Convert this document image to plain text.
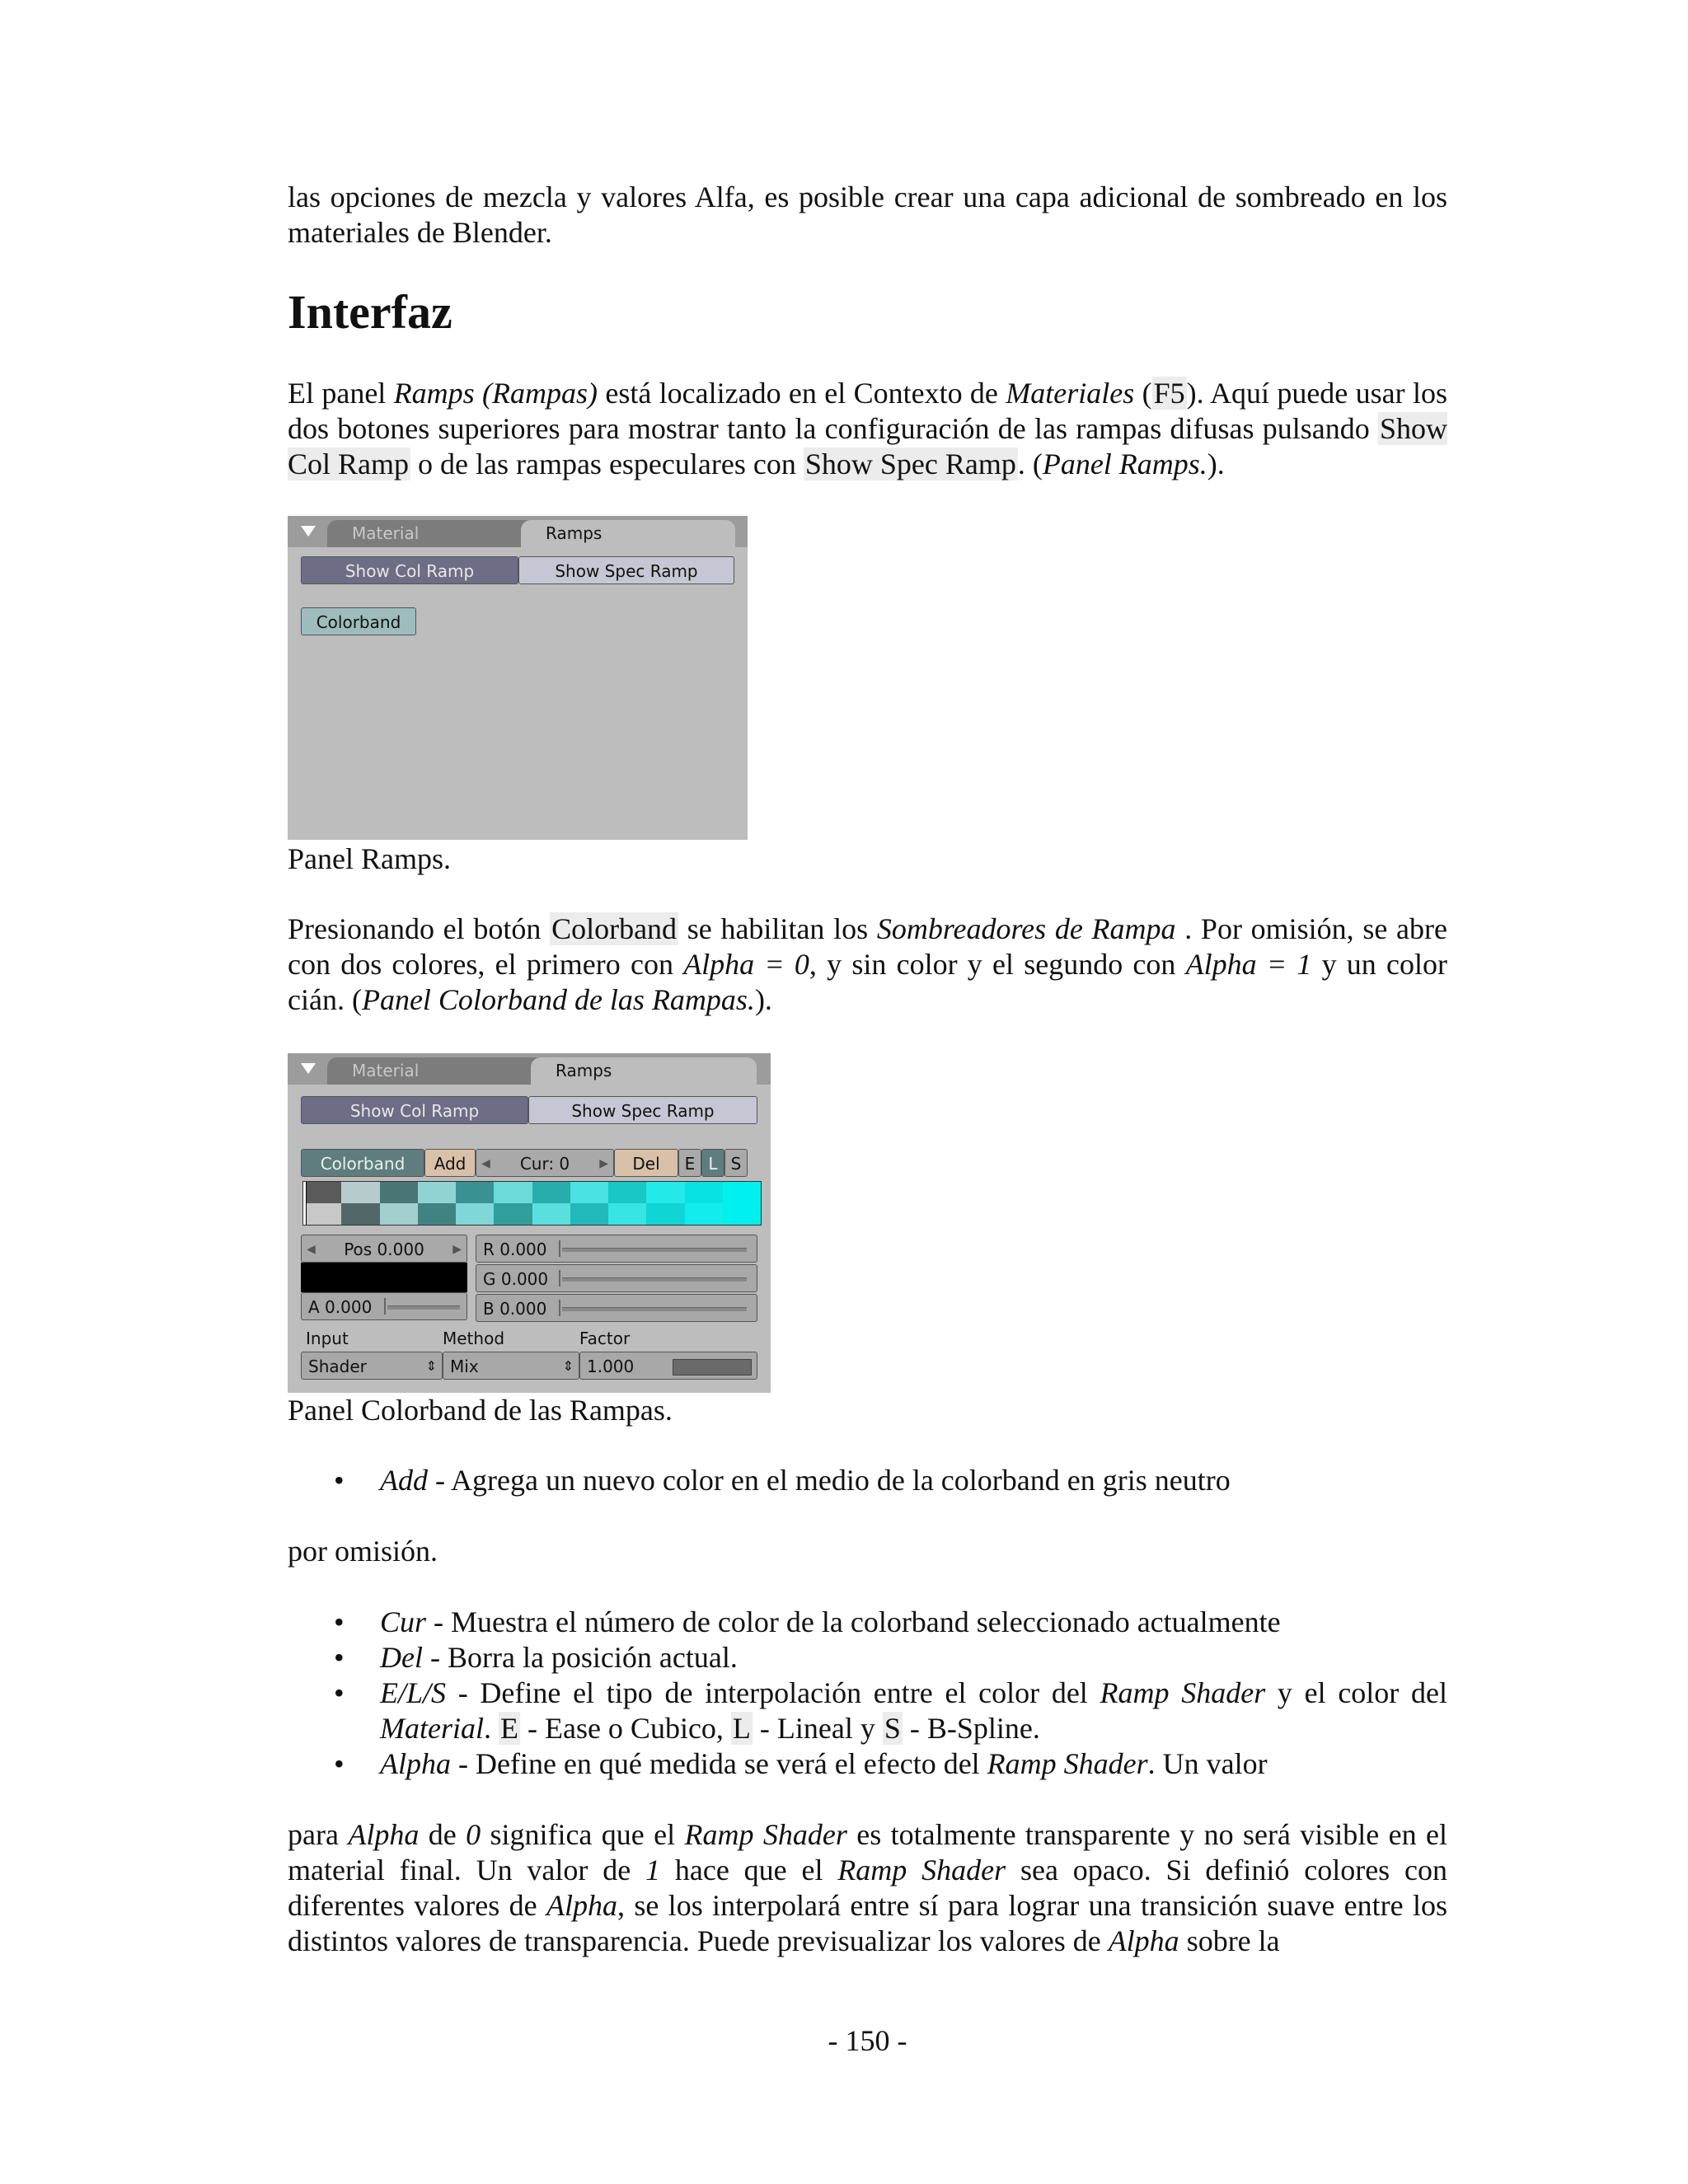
las opciones de mezcla y valores Alfa, es posible crear una capa adicional de sombreado en los materiales de Blender.

Interfaz

El panel Ramps (Rampas) está localizado en el Contexto de Materiales (F5). Aquí puede usar los dos botones superiores para mostrar tanto la configuración de las rampas difusas pulsando Show Col Ramp o de las rampas especulares con Show Spec Ramp. (Panel Ramps.).

Material	Ramps
Show Col Ramp	Show Spec Ramp
Colorband
Panel Ramps.

Presionando el botón Colorband se habilitan los Sombreadores de Rampa . Por omisión, se abre con dos colores, el primero con Alpha = 0, y sin color y el segundo con Alpha = 1 y un color cián. (Panel Colorband de las Rampas.).

Material	Ramps
Show Col Ramp	Show Spec Ramp
Colorband	Add	◀ Cur: 0	▶	Del	E L S
◀ Pos 0.000 ▶
A 0.000
R 0.000
G 0.000
B 0.000
Input	Method	Factor
Shader	⇕ Mix	⇕ 1.000
Panel Colorband de las Rampas.
• Add - Agrega un nuevo color en el medio de la colorband en gris neutro

por omisión.

• Cur - Muestra el número de color de la colorband seleccionado actualmente
• Del - Borra la posición actual.
• E/L/S - Define el tipo de interpolación entre el color del Ramp Shader y el color del Material. E - Ease o Cubico, L - Lineal y S - B-Spline.
• Alpha - Define en qué medida se verá el efecto del Ramp Shader. Un valor

para Alpha de 0 significa que el Ramp Shader es totalmente transparente y no será visible en el material final. Un valor de 1 hace que el Ramp Shader sea opaco. Si definió colores con diferentes valores de Alpha, se los interpolará entre sí para lograr una transición suave entre los distintos valores de transparencia. Puede previsualizar los valores de Alpha sobre la

- 150 -
